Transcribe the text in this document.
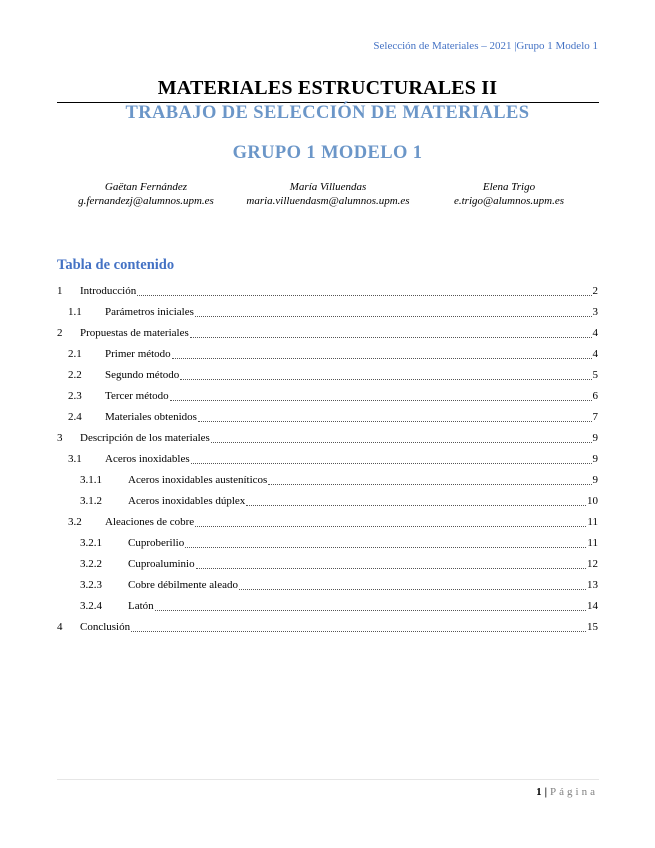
Selección de Materiales – 2021 |Grupo 1 Modelo 1
MATERIALES ESTRUCTURALES II
TRABAJO DE SELECCIÓN DE MATERIALES
GRUPO 1 MODELO 1
Gaëtan Fernández
g.fernandezj@alumnos.upm.es
María Villuendas
maria.villuendasm@alumnos.upm.es
Elena Trigo
e.trigo@alumnos.upm.es
Tabla de contenido
1 Introducción	2
1.1 Parámetros iniciales	3
2 Propuestas de materiales	4
2.1 Primer método	4
2.2 Segundo método	5
2.3 Tercer método	6
2.4 Materiales obtenidos	7
3 Descripción de los materiales	9
3.1 Aceros inoxidables	9
3.1.1 Aceros inoxidables austeníticos	9
3.1.2 Aceros inoxidables dúplex	10
3.2 Aleaciones de cobre	11
3.2.1 Cuproberilio	11
3.2.2 Cuproaluminio	12
3.2.3 Cobre débilmente aleado	13
3.2.4 Latón	14
4 Conclusión	15
1 | Página
